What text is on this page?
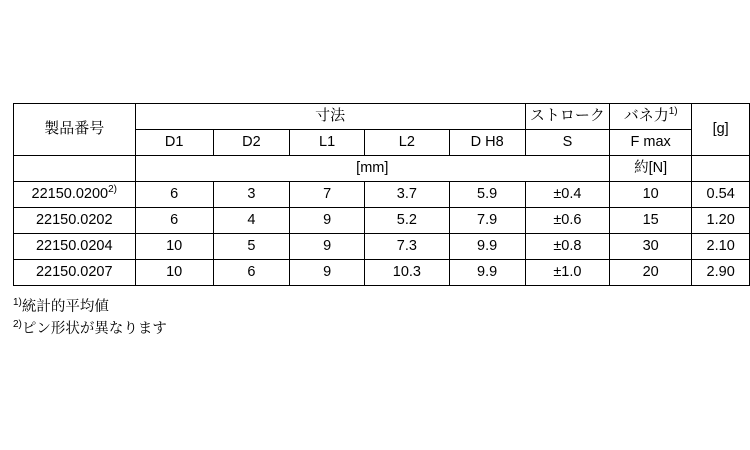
製品番号	寸法					ストローク	バネ力$^{1)}$	[g]
	D1	D2	L1	L2	D H8	S	F max	
	[mm]						約[N]	
22150.0200$^{2)}$	6	3	7	3.7	5.9	±0.4	10	0.54
22150.0202	6	4	9	5.2	7.9	±0.6	15	1.20
22150.0204	10	5	9	7.3	9.9	±0.8	30	2.10
22150.0207	10	6	9	10.3	9.9	±1.0	20	2.90
$^{1)}$統計的平均値
$^{2)}$ピン形状が異なります
